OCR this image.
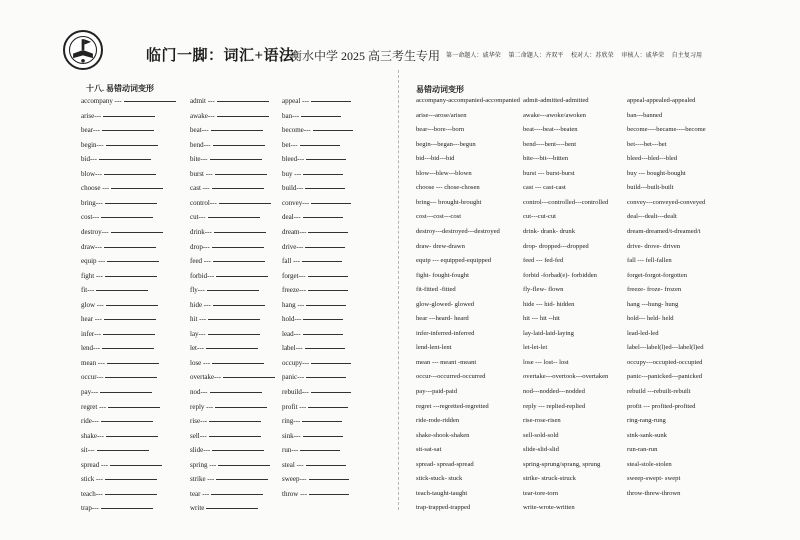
临门一脚：词汇+语法
衡水中学 2025 高三考生专用 第一命题人：戚华荣 第二命题人：齐双平 校对人：苏欣荣 审核人：戚华荣 自主复习用
十八. 易错动词变形	易错动词变形
accompany ---
arise---
bear---
begin---
bid---
blow---
choose ---
bring---
cost---
destroy---
draw---
equip ---
fight ---
fit---
glow ---
hear ---
infer---
lend---
mean ---
occur---
pay---
regret ---
ride---
shake---
sit---
spread ---
stick ---
teach---
trap---
admit ---
awake---
beat---
bend---
bite---
burst ---
cast ---
control---
cut---
drink---
drop---
feed ---
forbid---
fly---
hide ---
hit ---
lay---
let---
lose ---
overtake---
nod---
reply ---
rise---
sell---
slide---
spring ---
strike ---
tear ---
write
appeal ---
ban---
become---
bet---
bleed---
buy ---
build---
convey---
deal---
dream---
drive---
fall ---
forget---
freeze---
hang ---
hold---
lead---
label---
occupy---
panic---
rebuild---
profit ---
ring---
sink---
run---
steal ---
sweep---
throw ---
accompany-accompanied-accompanied
arise---arose/arisen
bear---bore---born
begin---began---begun
bid---bid---bid
blow---blew---blown
choose --- chose-chosen
bring--- brought-brought
cost---cost---cost
destroy---destroyed---destroyed
draw- drew-drawn
equip --- equipped-equipped
fight- fought-fought
fit-fitted -fitted
glow-glowed- glowed
hear ---heard- heard
infer-inferred-inferred
lend-lent-lent
mean --- meant -meant
occur---occurred-occurred
pay---paid-paid
regret ---regretted-regretted
ride-rode-ridden
shake-shook-shaken
sit-sat-sat
spread- spread-spread
stick-stuck- stuck
teach-taught-taught
trap-trapped-trapped
admit-admitted-admitted
awake---awoke/awoken
beat----beat---beaten
bend----bent----bent
bite---bit---bitten
burst --- burst-burst
cast --- cast-cast
control---controlled---controlled
cut---cut-cut
drink- drank- drunk
drop- dropped---dropped
feed --- fed-fed
forbid -forbad(e)- forbidden
fly-flew- flown
hide --- hid- hidden
hit --- hit --hit
lay-laid-laid-laying
let-let-let
lose --- lost-- lost
overtake---overtook---overtaken
nod---nodded---nodded
reply --- replied-replied
rise-rose-risen
sell-sold-sold
slide-slid-slid
spring-sprung/sprang, sprung
strike- struck-struck
tear-tore-torn
write-wrote-written
appeal-appealed-appealed
ban---banned
become----became----become
bet----bet---bet
bleed---bled---bled
buy --- bought-bought
build---built-built
convey---conveyed-conveyed
deal---dealt---dealt
dream-dreamed/t-dreamed/t
drive- drove- driven
fall --- fell-fallen
forget-forgot-forgotten
freeze- froze- frozen
hang ---hung- hung
hold--- held- held
lead-led-led
label---label(l)ed---label(l)ed
occupy---occupied-occupied
panic---panicked---panicked
rebuild ---rebuilt-rebuilt
profit --- profited-profited
ring-rang-rung
sink-sank-sunk
run-ran-run
steal-stole-stolen
sweep-swept- swept
throw-threw-thrown
